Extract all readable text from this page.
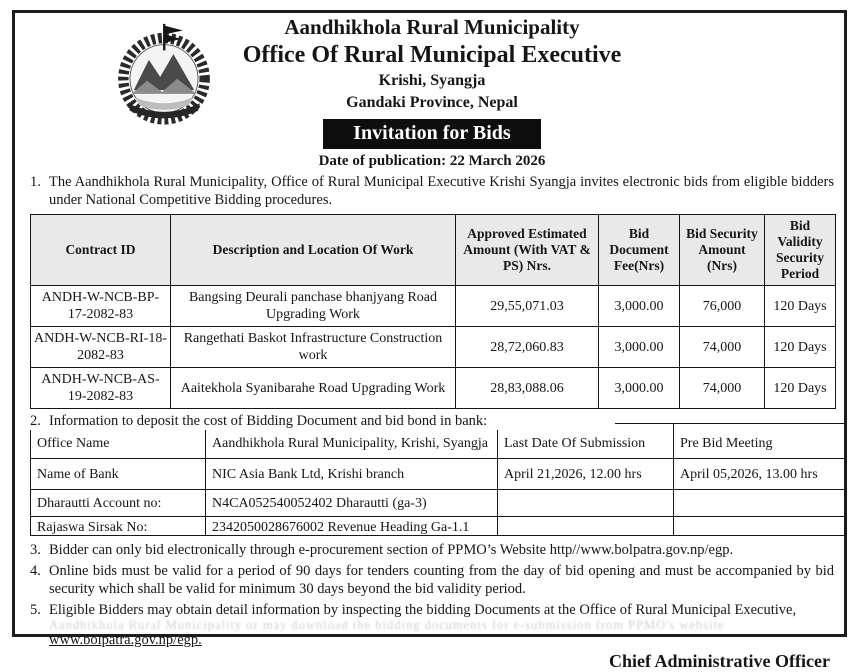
Aandhikhola Rural Municipality
Office Of Rural Municipal Executive
Krishi, Syangja
Gandaki Province, Nepal
Invitation for Bids
Date of publication: 22 March 2026
1. The Aandhikhola Rural Municipality, Office of Rural Municipal Executive Krishi Syangja invites electronic bids from eligible bidders under National Competitive Bidding procedures.
Contract ID	Description and Location Of Work	Approved Estimated Amount (With VAT & PS) Nrs.	Bid Document Fee(Nrs)	Bid Security Amount (Nrs)	Bid Validity Security Period
ANDH-W-NCB-BP-17-2082-83	Bangsing Deurali panchase bhanjyang Road Upgrading Work	29,55,071.03	3,000.00	76,000	120 Days
ANDH-W-NCB-RI-18-2082-83	Rangethati Baskot Infrastructure Construction work	28,72,060.83	3,000.00	74,000	120 Days
ANDH-W-NCB-AS-19-2082-83	Aaitekhola Syanibarahe Road Upgrading Work	28,83,088.06	3,000.00	74,000	120 Days
2. Information to deposit the cost of Bidding Document and bid bond in bank:
Office Name	Aandhikhola Rural Municipality, Krishi, Syangja	Last Date Of Submission	Pre Bid Meeting
Name of Bank	NIC Asia Bank Ltd, Krishi branch	April 21,2026, 12.00 hrs	April 05,2026, 13.00 hrs
Dharautti Account no:	N4CA052540052402 Dharautti (ga-3)		

Rajaswa Sirsak No:	2342050028676002 Revenue Heading Ga-1.1		

3. Bidder can only bid electronically through e-procurement section of PPMO’s Website http//www.bolpatra.gov.np/egp.
4. Online bids must be valid for a period of 90 days for tenders counting from the day of bid opening and must be accompanied by bid security which shall be valid for minimum 30 days beyond the bid validity period.
5. Eligible Bidders may obtain detail information by inspecting the bidding Documents at the Office of Rural Municipal Executive,
Aandhikhola Rural Municipality or may download the bidding documents for e-submission from PPMO's website
www.bolpatra.gov.np/egp.
Chief Administrative Officer
